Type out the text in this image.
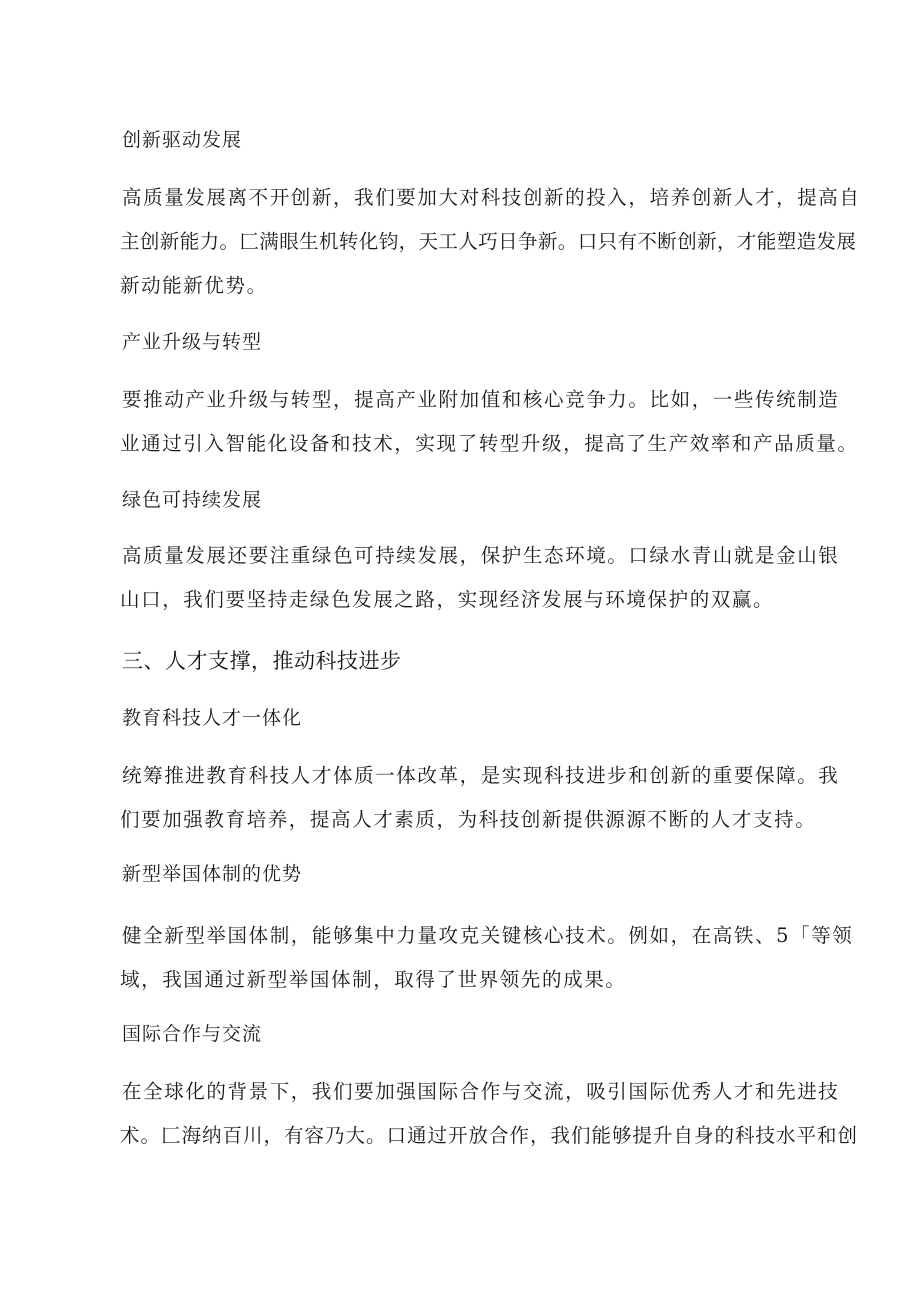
创新驱动发展
高质量发展离不开创新，我们要加大对科技创新的投入，培养创新人才，提高自
主创新能力。匚满眼生机转化钧，天工人巧日争新。口只有不断创新，才能塑造发展
新动能新优势。
产业升级与转型
要推动产业升级与转型，提高产业附加值和核心竞争力。比如，一些传统制造
业通过引入智能化设备和技术，实现了转型升级，提高了生产效率和产品质量。
绿色可持续发展
高质量发展还要注重绿色可持续发展，保护生态环境。口绿水青山就是金山银
山口，我们要坚持走绿色发展之路，实现经济发展与环境保护的双赢。
三、人才支撑，推动科技进步
教育科技人才一体化
统筹推进教育科技人才体质一体改革，是实现科技进步和创新的重要保障。我
们要加强教育培养，提高人才素质，为科技创新提供源源不断的人才支持。
新型举国体制的优势
健全新型举国体制，能够集中力量攻克关键核心技术。例如，在高铁、5「等领
域，我国通过新型举国体制，取得了世界领先的成果。
国际合作与交流
在全球化的背景下，我们要加强国际合作与交流，吸引国际优秀人才和先进技
术。匚海纳百川，有容乃大。口通过开放合作，我们能够提升自身的科技水平和创
